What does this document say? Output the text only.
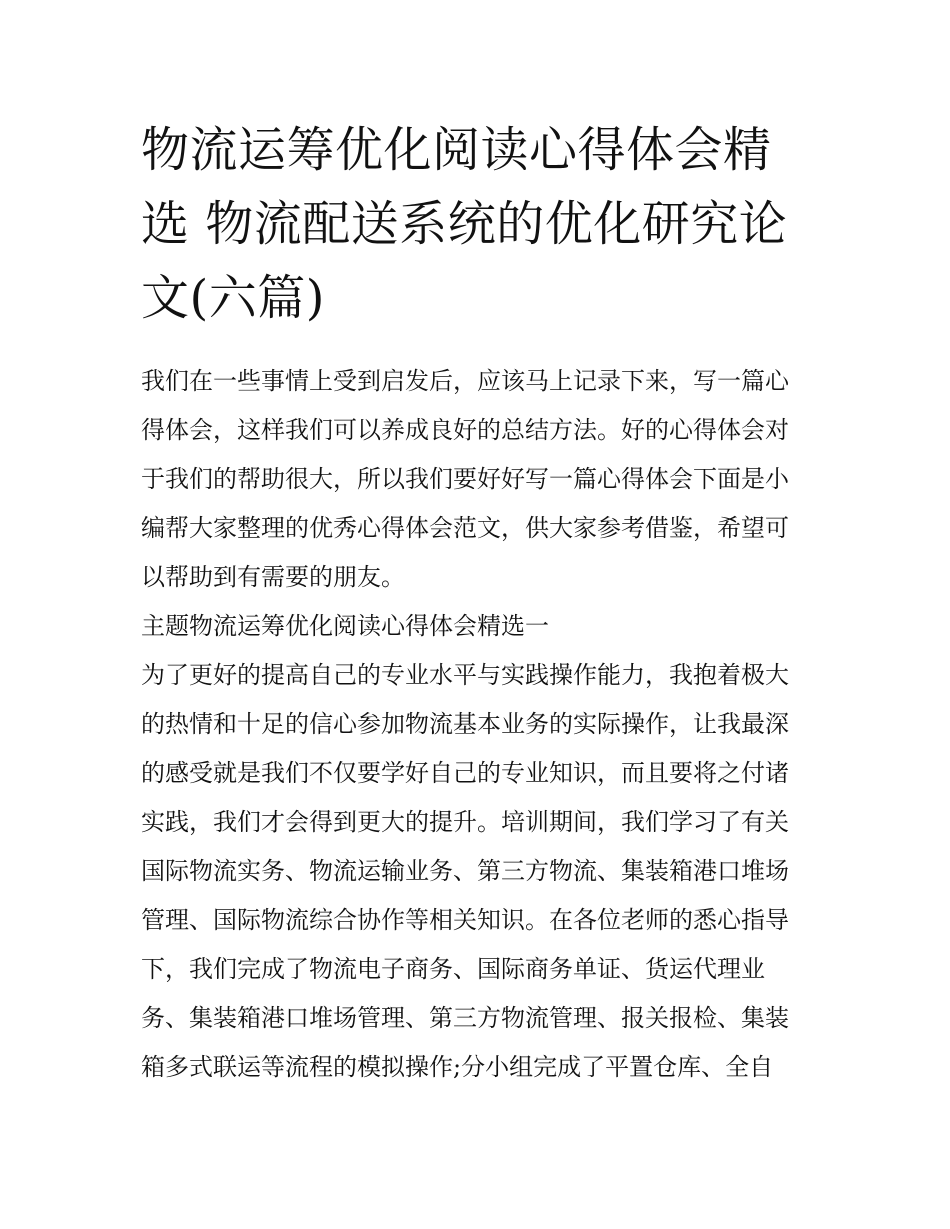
物流运筹优化阅读心得体会精
选 物流配送系统的优化研究论
文(六篇)
我们在一些事情上受到启发后，应该马上记录下来，写一篇心
得体会，这样我们可以养成良好的总结方法。好的心得体会对
于我们的帮助很大，所以我们要好好写一篇心得体会下面是小
编帮大家整理的优秀心得体会范文，供大家参考借鉴，希望可
以帮助到有需要的朋友。
主题物流运筹优化阅读心得体会精选一
为了更好的提高自己的专业水平与实践操作能力，我抱着极大
的热情和十足的信心参加物流基本业务的实际操作，让我最深
的感受就是我们不仅要学好自己的专业知识，而且要将之付诸
实践，我们才会得到更大的提升。培训期间，我们学习了有关
国际物流实务、物流运输业务、第三方物流、集装箱港口堆场
管理、国际物流综合协作等相关知识。在各位老师的悉心指导
下，我们完成了物流电子商务、国际商务单证、货运代理业
务、集装箱港口堆场管理、第三方物流管理、报关报检、集装
箱多式联运等流程的模拟操作;分小组完成了平置仓库、全自
